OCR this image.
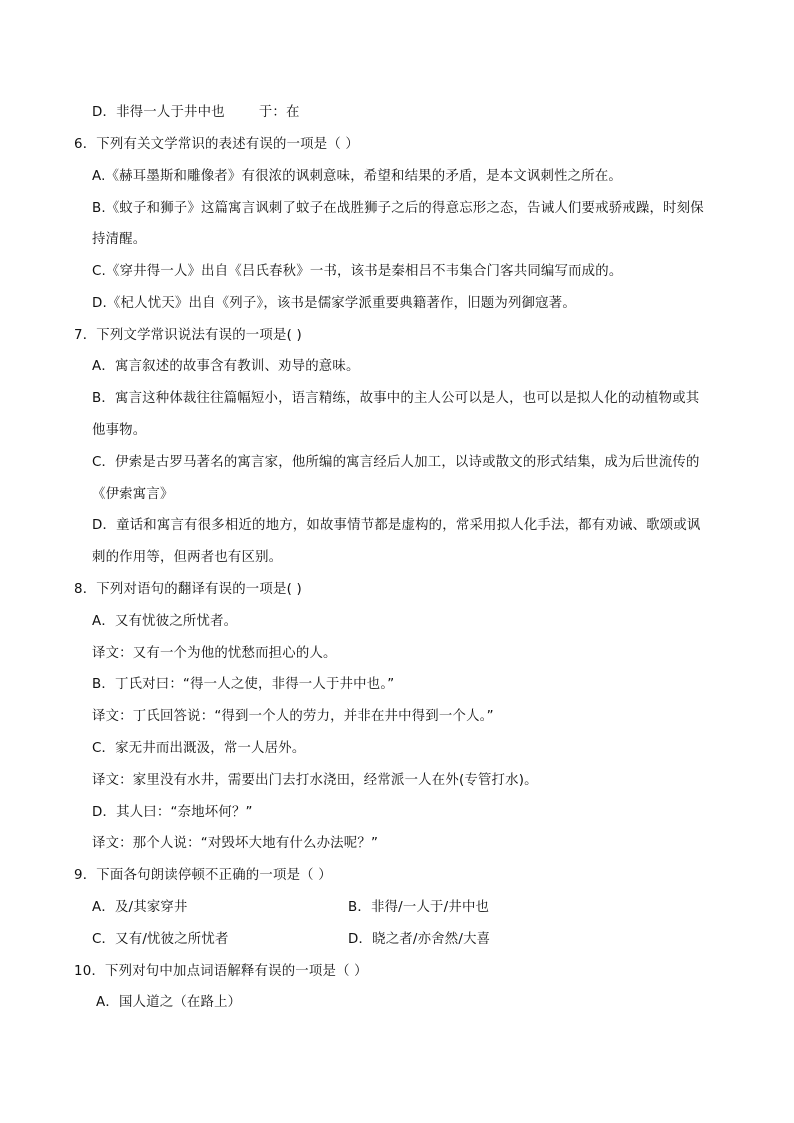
D．非得一人于井中也	于：在
6．下列有关文学常识的表述有误的一项是（ ）
A.《赫耳墨斯和雕像者》有很浓的讽刺意味，希望和结果的矛盾，是本文讽刺性之所在。
B.《蚊子和狮子》这篇寓言讽刺了蚊子在战胜狮子之后的得意忘形之态，告诫人们要戒骄戒躁，时刻保
持清醒。
C.《穿井得一人》出自《吕氏春秋》一书，该书是秦相吕不韦集合门客共同编写而成的。
D.《杞人忧天》出自《列子》，该书是儒家学派重要典籍著作，旧题为列御寇著。
7．下列文学常识说法有误的一项是( )
A．寓言叙述的故事含有教训、劝导的意味。
B．寓言这种体裁往往篇幅短小，语言精练，故事中的主人公可以是人，也可以是拟人化的动植物或其
他事物。
C．伊索是古罗马著名的寓言家，他所编的寓言经后人加工，以诗或散文的形式结集，成为后世流传的
《伊索寓言》
D．童话和寓言有很多相近的地方，如故事情节都是虚构的，常采用拟人化手法，都有劝诫、歌颂或讽
刺的作用等，但两者也有区别。
8．下列对语句的翻译有误的一项是( )
A．又有忧彼之所忧者。
译文：又有一个为他的忧愁而担心的人。
B．丁氏对曰：“得一人之使，非得一人于井中也。”
译文：丁氏回答说：“得到一个人的劳力，并非在井中得到一个人。”
C．家无井而出溉汲，常一人居外。
译文：家里没有水井，需要出门去打水浇田，经常派一人在外(专管打水)。
D．其人曰：“奈地坏何？”
译文：那个人说：“对毁坏大地有什么办法呢？”
9．下面各句朗读停顿不正确的一项是（ ）
A．及/其家穿井	B．非得/一人于/井中也
C．又有/忧彼之所忧者	D．晓之者/亦舍然/大喜
10．下列对句中加点词语解释有误的一项是（ ）
A．国人道之（在路上）
